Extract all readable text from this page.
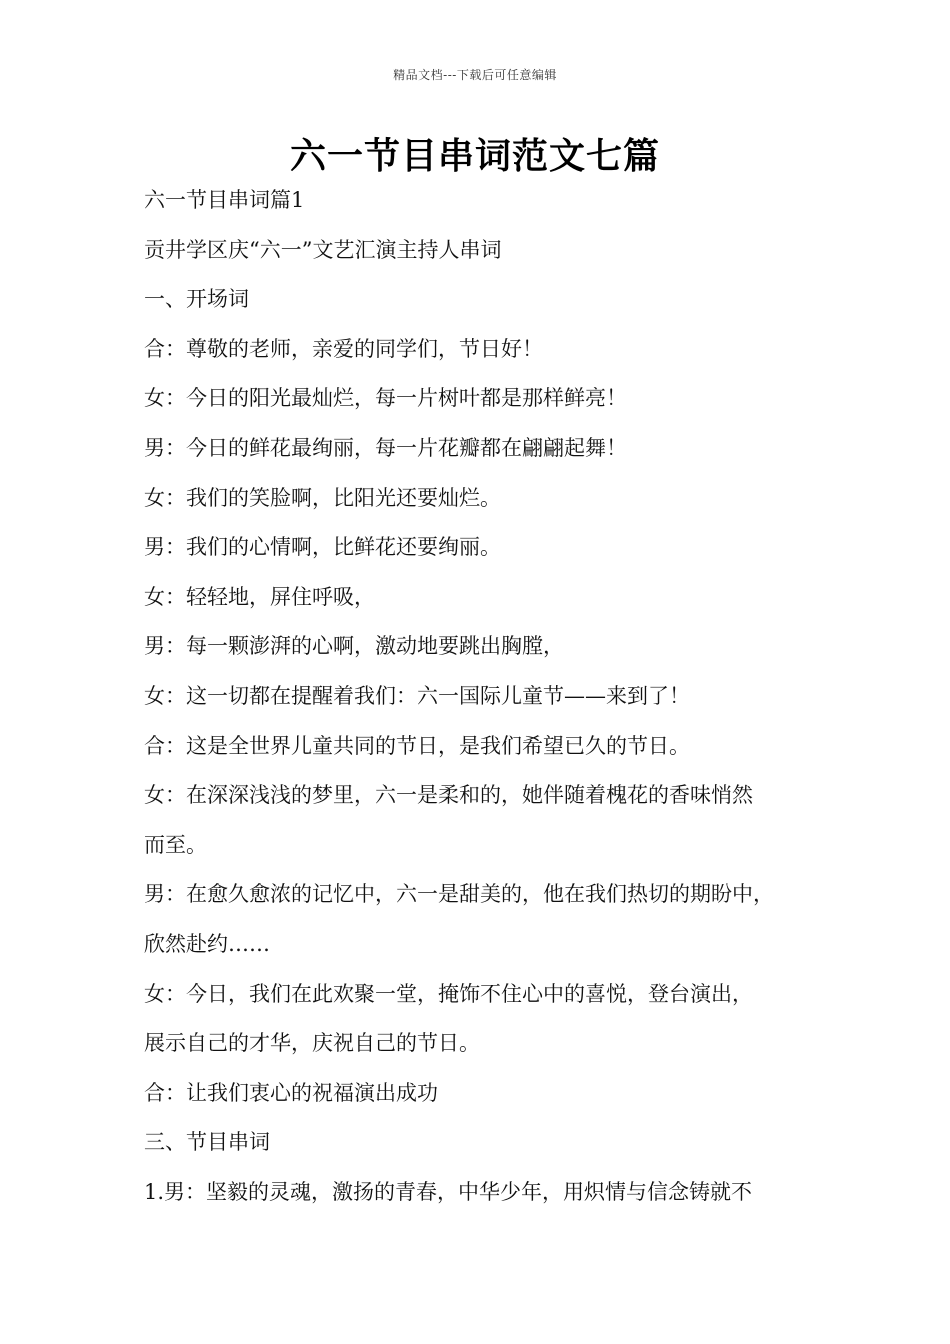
精品文档---下载后可任意编辑
六一节目串词范文七篇
六一节目串词篇1
贡井学区庆“六一”文艺汇演主持人串词
一、开场词
合：尊敬的老师，亲爱的同学们，节日好！
女：今日的阳光最灿烂，每一片树叶都是那样鲜亮！
男：今日的鲜花最绚丽，每一片花瓣都在翩翩起舞！
女：我们的笑脸啊，比阳光还要灿烂。
男：我们的心情啊，比鲜花还要绚丽。
女：轻轻地，屏住呼吸，
男：每一颗澎湃的心啊，激动地要跳出胸膛，
女：这一切都在提醒着我们：六一国际儿童节——来到了！
合：这是全世界儿童共同的节日，是我们希望已久的节日。
女：在深深浅浅的梦里，六一是柔和的，她伴随着槐花的香味悄然
而至。
男：在愈久愈浓的记忆中，六一是甜美的，他在我们热切的期盼中，
欣然赴约……
女：今日，我们在此欢聚一堂，掩饰不住心中的喜悦，登台演出，
展示自己的才华，庆祝自己的节日。
合：让我们衷心的祝福演出成功
三、节目串词
1.男：坚毅的灵魂，激扬的青春，中华少年，用炽情与信念铸就不
